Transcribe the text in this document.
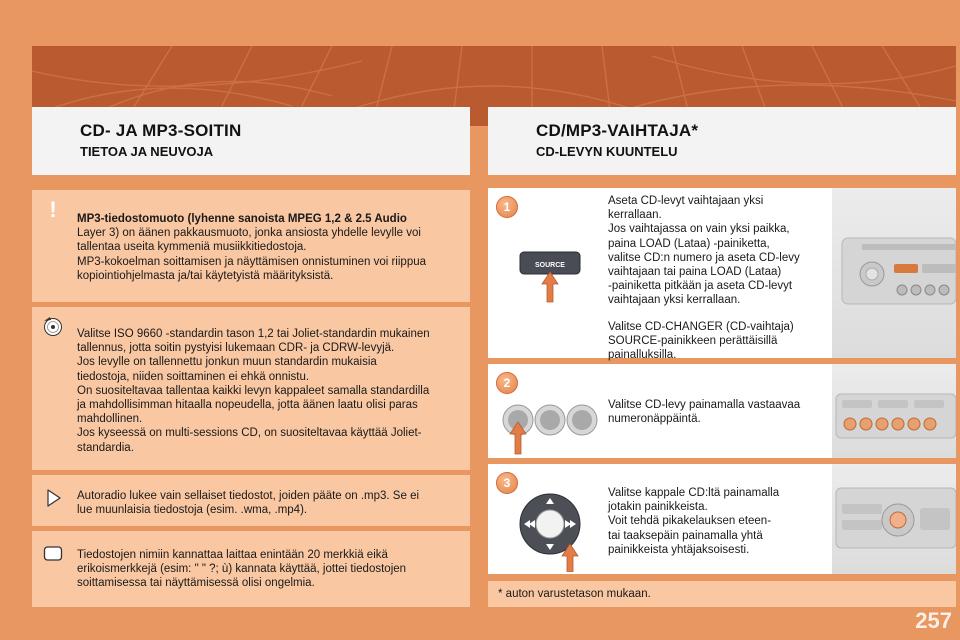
CD- JA MP3-SOITIN
TIETOA JA NEUVOJA
CD/MP3-VAIHTAJA*
CD-LEVYN KUUNTELU
! MP3-tiedostomuoto (lyhenne sanoista MPEG 1,2 & 2.5 Audio

Layer 3) on äänen pakkausmuoto, jonka ansiosta yhdelle levylle voi

tallentaa useita kymmeniä musiikkitiedostoja.

MP3-kokoelman soittamisen ja näyttämisen onnistuminen voi riippua

kopiointiohjelmasta ja/tai käytetyistä määrityksistä.

Valitse ISO 9660 -standardin tason 1,2 tai Joliet-standardin mukainen

tallennus, jotta soitin pystyisi lukemaan CDR- ja CDRW-levyjä.

Jos levylle on tallennettu jonkun muun standardin mukaisia

tiedostoja, niiden soittaminen ei ehkä onnistu.

On suositeltavaa tallentaa kaikki levyn kappaleet samalla standardilla

ja mahdollisimman hitaalla nopeudella, jotta äänen laatu olisi paras

mahdollinen.

Jos kyseessä on multi-sessions CD, on suositeltavaa käyttää Joliet-

standardia.

Autoradio lukee vain sellaiset tiedostot, joiden pääte on .mp3. Se ei

lue muunlaisia tiedostoja (esim. .wma, .mp4).

Tiedostojen nimiin kannattaa laittaa enintään 20 merkkiä eikä

erikoismerkkejä (esim: " " ?; ù) kannata käyttää, jottei tiedostojen

soittamisessa tai näyttämisessä olisi ongelmia.

1
SOURCE

Aseta CD-levyt vaihtajaan yksi

kerrallaan.

Jos vaihtajassa on vain yksi paikka,

paina LOAD (Lataa) -painiketta,

valitse CD:n numero ja aseta CD-levy

vaihtajaan tai paina LOAD (Lataa)

-painiketta pitkään ja aseta CD-levyt

vaihtajaan yksi kerrallaan.

Valitse CD-CHANGER (CD-vaihtaja)

SOURCE-painikkeen perättäisillä

painalluksilla.

2

Valitse CD-levy painamalla vastaavaa

numeronäppäintä.

3

Valitse kappale CD:ltä painamalla

jotakin painikkeista.

Voit tehdä pikakelauksen eteen-

tai taaksepäin painamalla yhtä

painikkeista yhtäjaksoisesti.

* auton varustetason mukaan.
257
